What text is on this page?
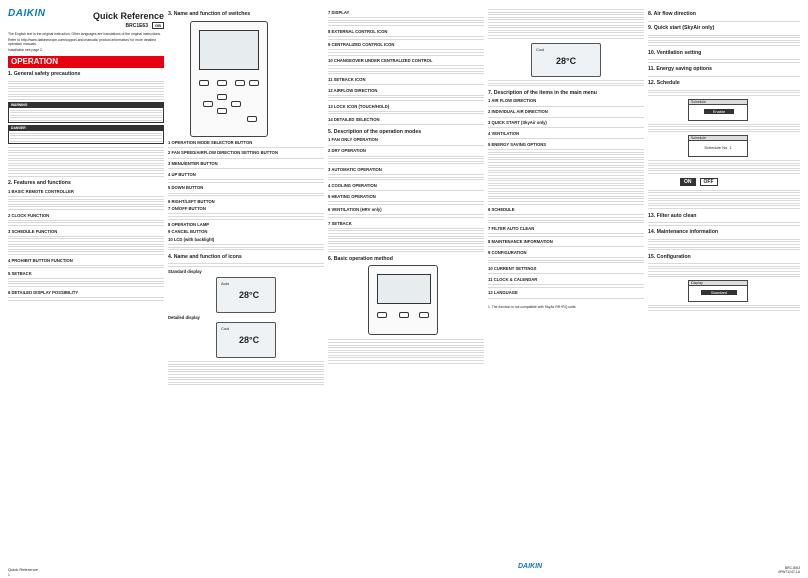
DAIKIN	Quick Reference
BRC1E63 GB

The English text is the original instruction. Other languages are translations of the original instructions.

Refer to http://www.daikineurope.com/support-and-manuals/ product-information/ for more detailed operation manuals.

Installation see page 2.

OPERATION
1. General safety precautions
WARNING
DANGER
2. Features and functions
1 BASIC REMOTE CONTROLLER
2 CLOCK FUNCTION
3 SCHEDULE FUNCTION
4 PROHIBIT BUTTON FUNCTION
5 SETBACK
6 DETAILED DISPLAY POSSIBILITY
3. Name and function of switches
1 OPERATION MODE SELECTOR BUTTON
2 FAN SPEED/AIRFLOW DIRECTION SETTING BUTTON
3 MENU/ENTER BUTTON
4 UP BUTTON
5 DOWN BUTTON
6 RIGHT/LEFT BUTTON
7 ON/OFF BUTTON
8 OPERATION LAMP
9 CANCEL BUTTON
10 LCD (with backlight)
4. Name and function of icons
Standard display
Auto
28°C
Detailed display
Cool
28°C
7 DISPLAY
8 EXTERNAL CONTROL ICON
9 CENTRALIZED CONTROL ICON
10 CHANGEOVER UNDER CENTRALIZED CONTROL
11 SETBACK ICON
12 AIRFLOW DIRECTION
13 LOCK ICON (TOUCH/HOLD)
14 DETAILED SELECTION
5. Description of the operation modes
1 FAN ONLY OPERATION
2 DRY OPERATION
3 AUTOMATIC OPERATION
4 COOLING OPERATION
5 HEATING OPERATION
6 VENTILATION (HRV only)
7 SETBACK
6. Basic operation method
Cool
28°C
7. Description of the items in the main menu
1 AIR FLOW DIRECTION
2 INDIVIDUAL AIR DIRECTION
3 QUICK START (SkyAir only)
4 VENTILATION
5 ENERGY SAVING OPTIONS
6 SCHEDULE
7 FILTER AUTO CLEAN
8 MAINTENANCE INFORMATION
9 CONFIGURATION
10 CURRENT SETTINGS
11 CLOCK & CALENDAR
12 LANGUAGE
1. The function is not compatible with SkyAir RR+RQ units.
8. Air flow direction
9. Quick start (SkyAir only)
10. Ventilation setting
11. Energy saving options
12. Schedule
Schedule
Enable
Schedule
Schedule No. 1
ON OFF
13. Filter auto clean
14. Maintenance information
15. Configuration
Display
Standard
Quick Reference
1
DAIKIN	BRC1E63
4PW71247-1A
